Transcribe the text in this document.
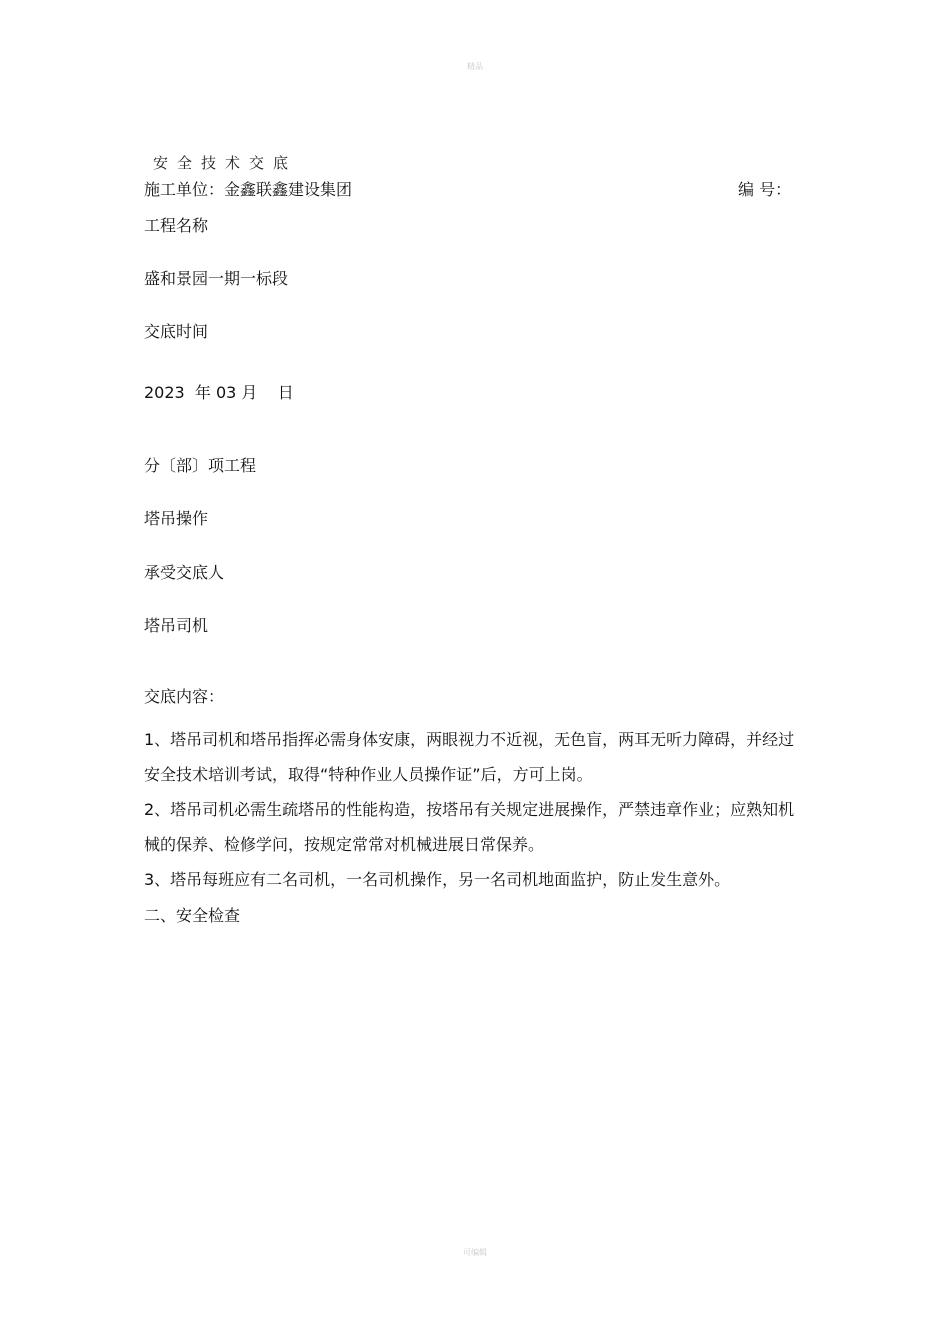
精品
安全技术交底
施工单位：金鑫联鑫建设集团	编 号：
工程名称
盛和景园一期一标段
交底时间
2023  年 03 月    日
分〔部〕项工程
塔吊操作
承受交底人
塔吊司机
交底内容：
1、塔吊司机和塔吊指挥必需身体安康，两眼视力不近视，无色盲，两耳无听力障碍，并经过安全技术培训考试，取得“特种作业人员操作证”后，方可上岗。
2、塔吊司机必需生疏塔吊的性能构造，按塔吊有关规定进展操作，严禁违章作业；应熟知机械的保养、检修学问，按规定常常对机械进展日常保养。
3、塔吊每班应有二名司机，一名司机操作，另一名司机地面监护，防止发生意外。
二、安全检查
可编辑
